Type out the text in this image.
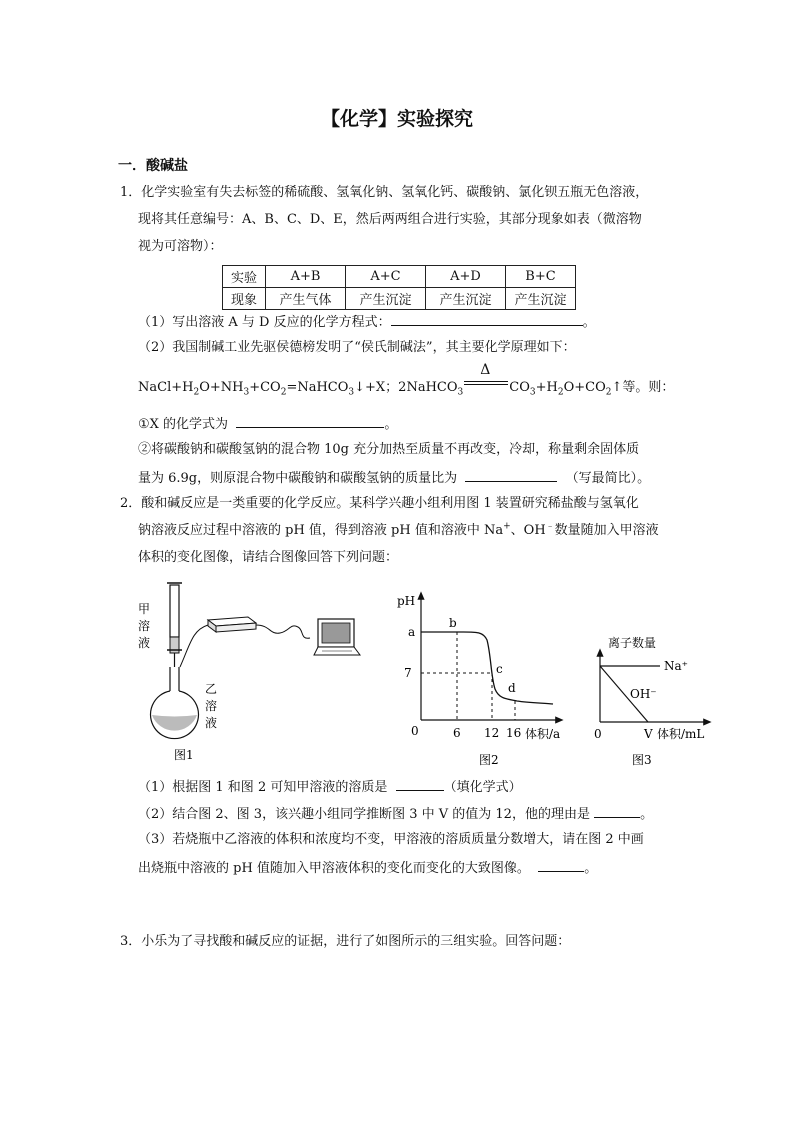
【化学】实验探究
一．酸碱盐
1．化学实验室有失去标签的稀硫酸、氢氧化钠、氢氧化钙、碳酸钠、氯化钡五瓶无色溶液，
现将其任意编号：A、B、C、D、E，然后两两组合进行实验，其部分现象如表（微溶物
视为可溶物）：
实验	A+B	A+C	A+D	B+C
现象	产生气体	产生沉淀	产生沉淀	产生沉淀
（1）写出溶液 A 与 D 反应的化学方程式：	。
（2）我国制碱工业先驱侯德榜发明了“侯氏制碱法”，其主要化学原理如下：
$NaCl+H_2O+NH_3+CO_2=NaHCO_3↓+X$；2NaHCO$_3$
Δ
$CO_3+H_2O+CO_2↑$等。则：
①X 的化学式为	。
②将碳酸钠和碳酸氢钠的混合物 10g 充分加热至质量不再改变，冷却，称量剩余固体质
量为 6.9g，则原混合物中碳酸钠和碳酸氢钠的质量比为	（写最简比）。
2．酸和碱反应是一类重要的化学反应。某科学兴趣小组利用图 1 装置研究稀盐酸与氢氧化
钠溶液反应过程中溶液的 pH 值，得到溶液 pH 值和溶液中 Na+、OH﹣数量随加入甲溶液
体积的变化图像，请结合图像回答下列问题：
甲
溶
液
乙
溶
液
图1
pH
体积/a
0
7
a
b
c
d
6 12 16
图2
离子数量
Na⁺
OH⁻
0	V 体积/mL
图3
（1）根据图 1 和图 2 可知甲溶液的溶质是	（填化学式）
（2）结合图 2、图 3，该兴趣小组同学推断图 3 中 V 的值为 12，他的理由是	。
（3）若烧瓶中乙溶液的体积和浓度均不变，甲溶液的溶质质量分数增大，请在图 2 中画
出烧瓶中溶液的 pH 值随加入甲溶液体积的变化而变化的大致图像。	。
3．小乐为了寻找酸和碱反应的证据，进行了如图所示的三组实验。回答问题：
